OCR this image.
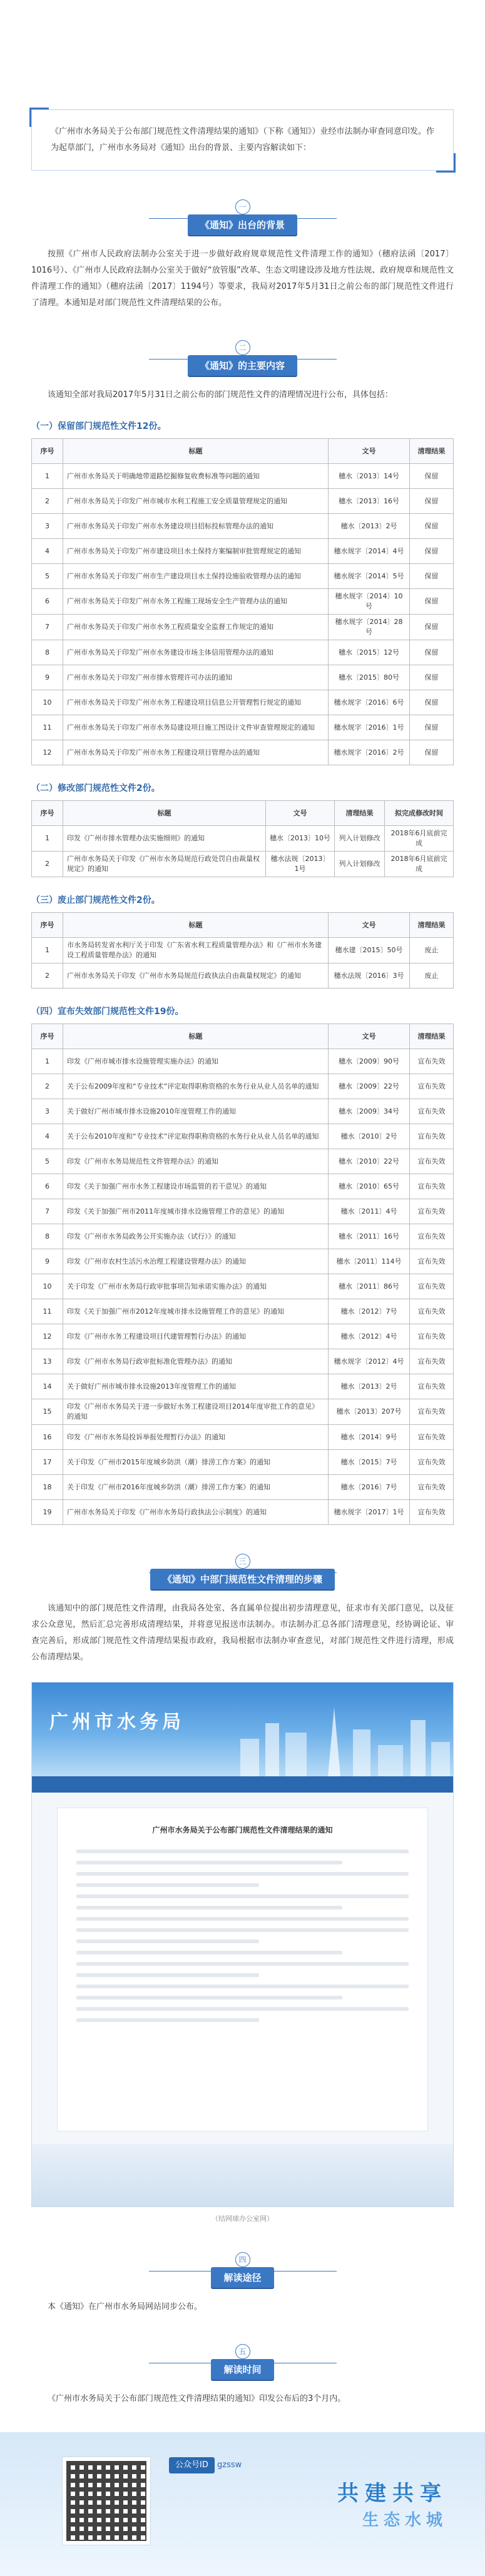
《广州市水务局关于公布部门规范性文件清理结果的通知》（下称《通知》）业经市法制办审查同意印发。作为起草部门，广州市水务局对《通知》出台的背景、主要内容解读如下：

一
《通知》出台的背景

按照《广州市人民政府法制办公室关于进一步做好政府规章规范性文件清理工作的通知》（穗府法函〔2017〕1016号）、《广州市人民政府法制办公室关于做好“放管服”改革、生态文明建设涉及地方性法规、政府规章和规范性文件清理工作的通知》（穗府法函〔2017〕1194号）等要求，我局对2017年5月31日之前公布的部门规范性文件进行了清理。本通知是对部门规范性文件清理结果的公布。

二
《通知》的主要内容

该通知全部对我局2017年5月31日之前公布的部门规范性文件的清理情况进行公布，具体包括：

（一）保留部门规范性文件12份。
序号	标题	文号	清理结果
1	广州市水务局关于明确地带道路挖掘修复收费标准等问题的通知	穗水〔2013〕14号	保留
2	广州市水务局关于印发广州市城市水利工程施工安全质量管理规定的通知	穗水〔2013〕16号	保留
3	广州市水务局关于印发广州市水务建设项目招标投标管理办法的通知	穗水〔2013〕2号	保留
4	广州市水务局关于印发广州市建设项目水土保持方案编制审批管理规定的通知	穗水规字〔2014〕4号	保留
5	广州市水务局关于印发广州市生产建设项目水土保持设施验收管理办法的通知	穗水规字〔2014〕5号	保留
6	广州市水务局关于印发广州市水务工程施工现场安全生产管理办法的通知	穗水规字〔2014〕10号	保留
7	广州市水务局关于印发广州市水务工程质量安全监督工作规定的通知	穗水规字〔2014〕28号	保留
8	广州市水务局关于印发广州市水务建设市场主体信用管理办法的通知	穗水〔2015〕12号	保留
9	广州市水务局关于印发广州市排水管理许可办法的通知	穗水〔2015〕80号	保留
10	广州市水务局关于印发广州市水务工程建设项目信息公开管理暂行规定的通知	穗水规字〔2016〕6号	保留
11	广州市水务局关于印发广州市水务局建设项目施工图设计文件审查管理规定的通知	穗水规字〔2016〕1号	保留
12	广州市水务局关于印发广州市水务工程建设项目管理办法的通知	穗水规字〔2016〕2号	保留
（二）修改部门规范性文件2份。
序号	标题	文号	清理结果	拟完成修改时间
1	印发《广州市排水管理办法实施细则》的通知	穗水〔2013〕10号	列入计划修改	2018年6月底前完成
2	广州市水务局关于印发《广州市水务局规范行政处罚自由裁量权规定》的通知	穗水法规〔2013〕1号	列入计划修改	2018年6月底前完成
（三）废止部门规范性文件2份。
序号	标题	文号	清理结果
1	市水务局转发省水利厅关于印发《广东省水利工程质量管理办法》和《广州市水务建设工程质量管理办法》的通知	穗水建〔2015〕50号	废止
2	广州市水务局关于印发《广州市水务局规范行政执法自由裁量权规定》的通知	穗水法规〔2016〕3号	废止
（四）宣布失效部门规范性文件19份。
序号	标题	文号	清理结果
1	印发《广州市城市排水设施管理实施办法》的通知	穗水〔2009〕90号	宣布失效
2	关于公布2009年度和“专业技术”评定取得职称资格的水务行业从业人员名单的通知	穗水〔2009〕22号	宣布失效
3	关于做好广州市城市排水设施2010年度管理工作的通知	穗水〔2009〕34号	宣布失效
4	关于公布2010年度和“专业技术”评定取得职称资格的水务行业从业人员名单的通知	穗水〔2010〕2号	宣布失效
5	印发《广州市水务局规范性文件管理办法》的通知	穗水〔2010〕22号	宣布失效
6	印发《关于加强广州市水务工程建设市场监管的若干意见》的通知	穗水〔2010〕65号	宣布失效
7	印发《关于加强广州市2011年度城市排水设施管理工作的意见》的通知	穗水〔2011〕4号	宣布失效
8	印发《广州市水务局政务公开实施办法（试行）》的通知	穗水〔2011〕16号	宣布失效
9	印发《广州市农村生活污水治理工程建设管理办法》的通知	穗水〔2011〕114号	宣布失效
10	关于印发《广州市水务局行政审批事项告知承诺实施办法》的通知	穗水〔2011〕86号	宣布失效
11	印发《关于加强广州市2012年度城市排水设施管理工作的意见》的通知	穗水〔2012〕7号	宣布失效
12	印发《广州市水务工程建设项目代建管理暂行办法》的通知	穗水〔2012〕4号	宣布失效
13	印发《广州市水务局行政审批标准化管理办法》的通知	穗水规字〔2012〕4号	宣布失效
14	关于做好广州市城市排水设施2013年度管理工作的通知	穗水〔2013〕2号	宣布失效
15	印发《广州市水务局关于进一步做好水务工程建设项目2014年度审批工作的意见》的通知	穗水〔2013〕207号	宣布失效
16	印发《广州市水务局投诉举报处理暂行办法》的通知	穗水〔2014〕9号	宣布失效
17	关于印发《广州市2015年度城乡防洪（潮）排涝工作方案》的通知	穗水〔2015〕7号	宣布失效
18	关于印发《广州市2016年度城乡防洪（潮）排涝工作方案》的通知	穗水〔2016〕7号	宣布失效
19	广州市水务局关于印发《广州市水务局行政执法公示制度》的通知	穗水规字〔2017〕1号	宣布失效
三
《通知》中部门规范性文件清理的步骤

该通知中的部门规范性文件清理，由我局各处室、各直属单位提出初步清理意见，征求市有关部门意见，以及征求公众意见，然后汇总完善形成清理结果，并将意见报送市法制办。市法制办汇总各部门清理意见，经协调论证、审查完善后，形成部门规范性文件清理结果报市政府，我局根据市法制办审查意见，对部门规范性文件进行清理，形成公布清理结果。

广州市水务局
广州市水务局关于公布部门规范性文件清理结果的通知
（结网球办公室网）
四
解读途径

本《通知》在广州市水务局网站同步公布。

五
解读时间

《广州市水务局关于公布部门规范性文件清理结果的通知》印发公布后的3个月内。

公众号ID gzssw
共建共享
生态水城
